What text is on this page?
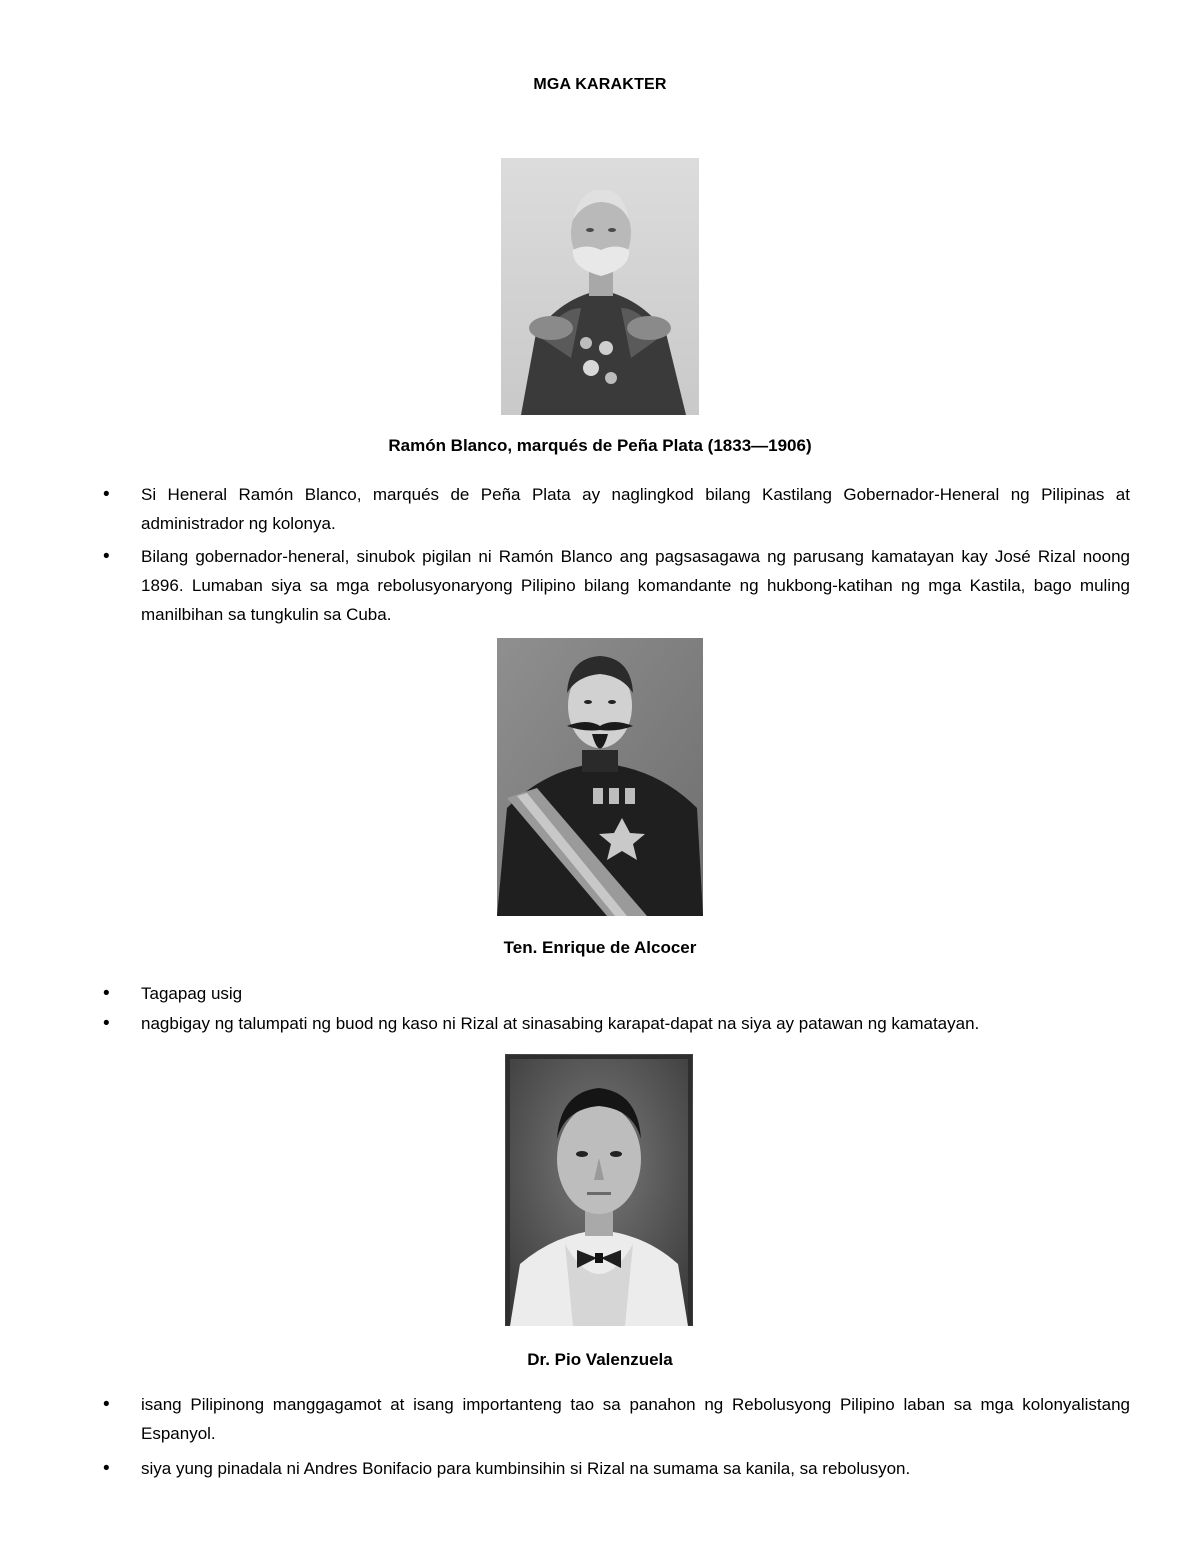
MGA KARAKTER
Ramón Blanco, marqués de Peña Plata (1833—1906)
• Si Heneral Ramón Blanco, marqués de Peña Plata ay naglingkod bilang Kastilang Gobernador-Heneral ng Pilipinas at administrador ng kolonya.
• Bilang gobernador-heneral, sinubok pigilan ni Ramón Blanco ang pagsasagawa ng parusang kamatayan kay José Rizal noong 1896. Lumaban siya sa mga rebolusyonaryong Pilipino bilang komandante ng hukbong-katihan ng mga Kastila, bago muling manilbihan sa tungkulin sa Cuba.
Ten. Enrique de Alcocer
• Tagapag usig
• nagbigay ng talumpati ng buod ng kaso ni Rizal at sinasabing karapat-dapat na siya ay patawan ng kamatayan.
Dr. Pio Valenzuela
• isang Pilipinong manggagamot at isang importanteng tao sa panahon ng Rebolusyong Pilipino laban sa mga kolonyalistang Espanyol.
• siya yung pinadala ni Andres Bonifacio para kumbinsihin si Rizal na sumama sa kanila, sa rebolusyon.
